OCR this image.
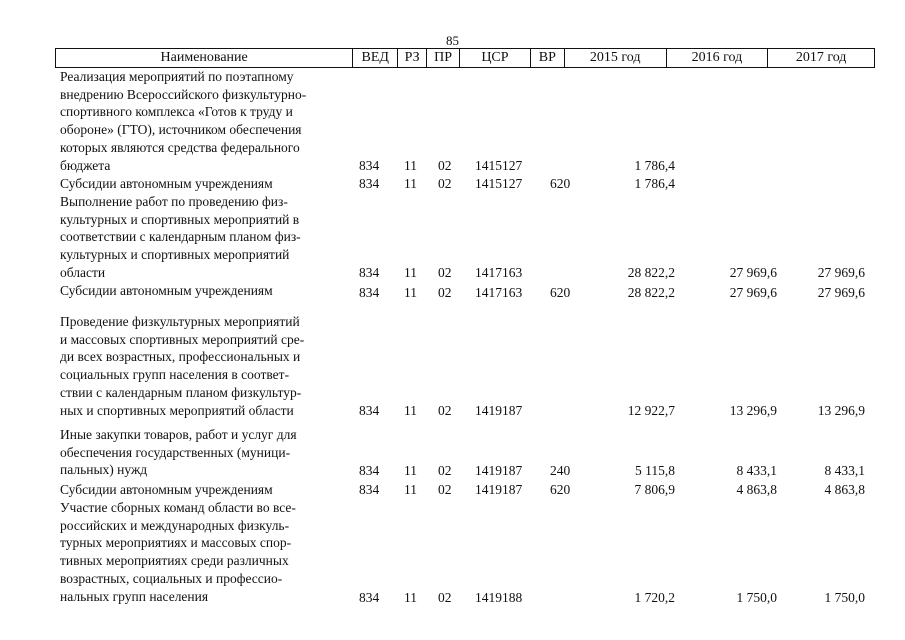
85
Наименование	ВЕД	РЗ	ПР	ЦСР	ВР	2015 год	2016 год	2017 год
Реализация мероприятий по поэтапному
внедрению Всероссийского физкультурно-
спортивного комплекса «Готов к труду и
обороне» (ГТО), источником обеспечения
которых являются средства федерального
бюджета	834 11 02 1415127	1 786,4
Субсидии автономным учреждениям	834 11 02 1415127 620	1 786,4
Выполнение работ по проведению физ-
культурных и спортивных мероприятий в
соответствии с календарным планом физ-
культурных и спортивных мероприятий
области	834 11 02 1417163	28 822,2	27 969,6	27 969,6
Субсидии автономным учреждениям	834 11 02 1417163 620	28 822,2	27 969,6	27 969,6
Проведение физкультурных мероприятий
и массовых спортивных мероприятий сре-
ди всех возрастных, профессиональных и
социальных групп населения в соответ-
ствии с календарным планом физкультур-
ных и спортивных мероприятий области	834 11 02 1419187	12 922,7	13 296,9	13 296,9
Иные закупки товаров, работ и услуг для
обеспечения государственных (муници-
пальных) нужд	834 11 02 1419187 240	5 115,8	8 433,1	8 433,1
Субсидии автономным учреждениям	834 11 02 1419187 620	7 806,9	4 863,8	4 863,8
Участие сборных команд области во все-
российских и международных физкуль-
турных мероприятиях и массовых спор-
тивных мероприятиях среди различных
возрастных, социальных и профессио-
нальных групп населения	834 11 02 1419188	1 720,2	1 750,0	1 750,0
